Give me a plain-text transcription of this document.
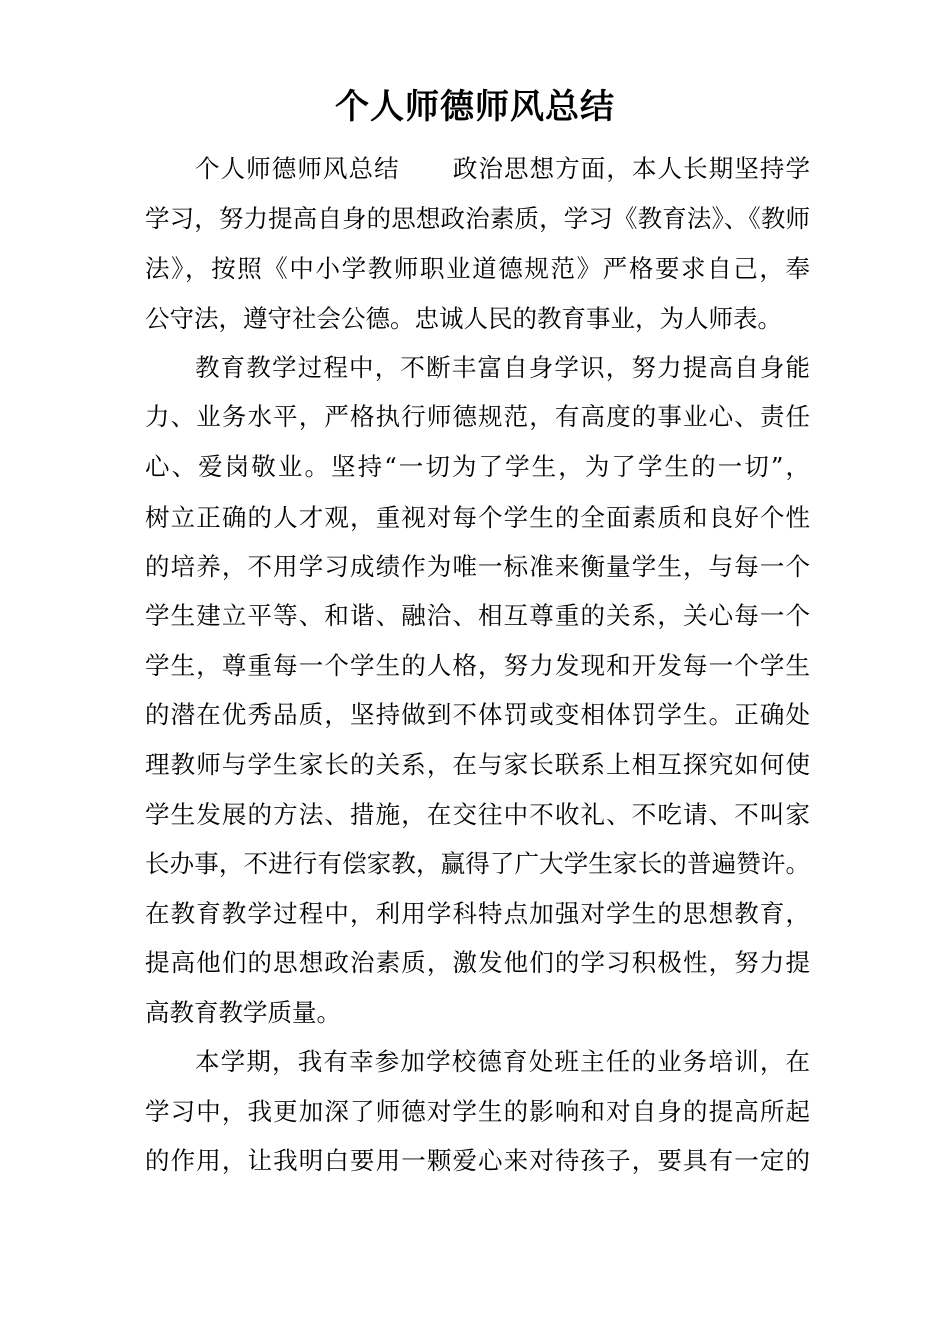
个人师德师风总结
个人师德师风总结 政治思想方面，本人长期坚持学
学习，努力提高自身的思想政治素质，学习《教育法》、《教师
法》，按照《中小学教师职业道德规范》严格要求自己，奉
公守法，遵守社会公德。忠诚人民的教育事业，为人师表。
教育教学过程中，不断丰富自身学识，努力提高自身能
力、业务水平，严格执行师德规范，有高度的事业心、责任
心、爱岗敬业。坚持“一切为了学生，为了学生的一切”，
树立正确的人才观，重视对每个学生的全面素质和良好个性
的培养，不用学习成绩作为唯一标准来衡量学生，与每一个
学生建立平等、和谐、融洽、相互尊重的关系，关心每一个
学生，尊重每一个学生的人格，努力发现和开发每一个学生
的潜在优秀品质，坚持做到不体罚或变相体罚学生。正确处
理教师与学生家长的关系，在与家长联系上相互探究如何使
学生发展的方法、措施，在交往中不收礼、不吃请、不叫家
长办事，不进行有偿家教，赢得了广大学生家长的普遍赞许。
在教育教学过程中，利用学科特点加强对学生的思想教育，
提高他们的思想政治素质，激发他们的学习积极性，努力提
高教育教学质量。
本学期，我有幸参加学校德育处班主任的业务培训，在
学习中，我更加深了师德对学生的影响和对自身的提高所起
的作用，让我明白要用一颗爱心来对待孩子，要具有一定的
